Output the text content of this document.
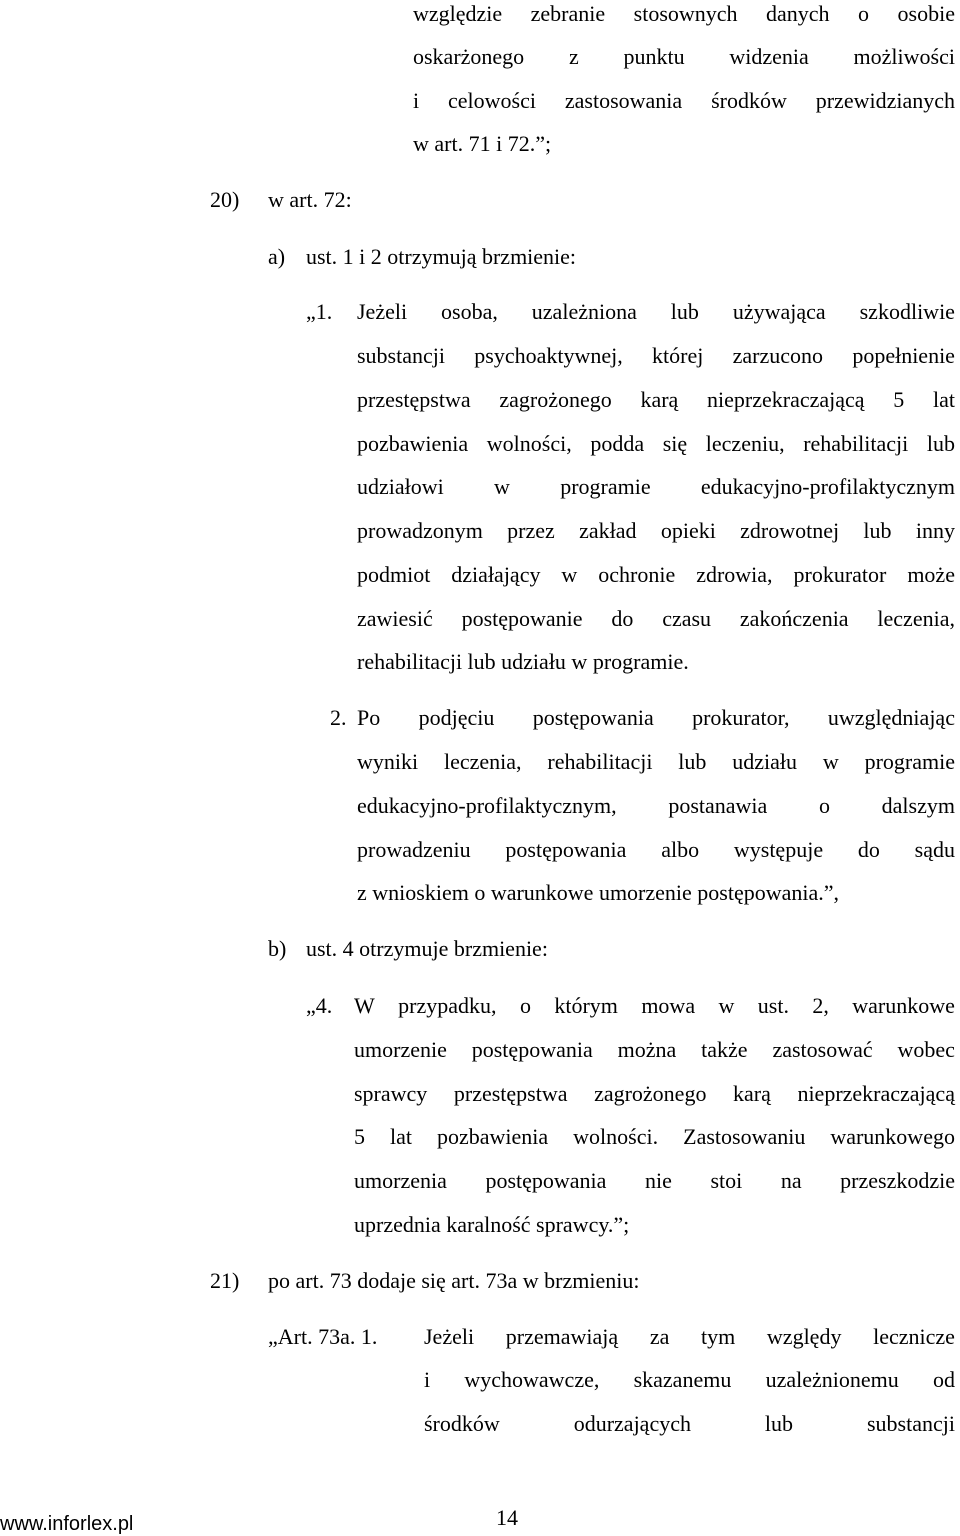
względzie zebranie stosownych danych o osobie
oskarżonego z punktu widzenia możliwości
i celowości zastosowania środków przewidzianych
w art. 71 i 72.”;
20) w art. 72:
a) ust. 1 i 2 otrzymują brzmienie:
„1. Jeżeli osoba, uzależniona lub używająca szkodliwie
substancji psychoaktywnej, której zarzucono popełnienie
przestępstwa zagrożonego karą nieprzekraczającą 5 lat
pozbawienia wolności, podda się leczeniu, rehabilitacji lub
udziałowi w programie edukacyjno-profilaktycznym
prowadzonym przez zakład opieki zdrowotnej lub inny
podmiot działający w ochronie zdrowia, prokurator może
zawiesić postępowanie do czasu zakończenia leczenia,
rehabilitacji lub udziału w programie.
2. Po podjęciu postępowania prokurator, uwzględniając
wyniki leczenia, rehabilitacji lub udziału w programie
edukacyjno-profilaktycznym, postanawia o dalszym
prowadzeniu postępowania albo występuje do sądu
z wnioskiem o warunkowe umorzenie postępowania.”,
b) ust. 4 otrzymuje brzmienie:
„4. W przypadku, o którym mowa w ust. 2, warunkowe
umorzenie postępowania można także zastosować wobec
sprawcy przestępstwa zagrożonego karą nieprzekraczającą
5 lat pozbawienia wolności. Zastosowaniu warunkowego
umorzenia postępowania nie stoi na przeszkodzie
uprzednia karalność sprawcy.”;
21) po art. 73 dodaje się art. 73a w brzmieniu:
„Art. 73a. 1. Jeżeli przemawiają za tym względy lecznicze
i wychowawcze, skazanemu uzależnionemu od
środków	odurzających	lub	substancji
www.inforlex.pl	14
